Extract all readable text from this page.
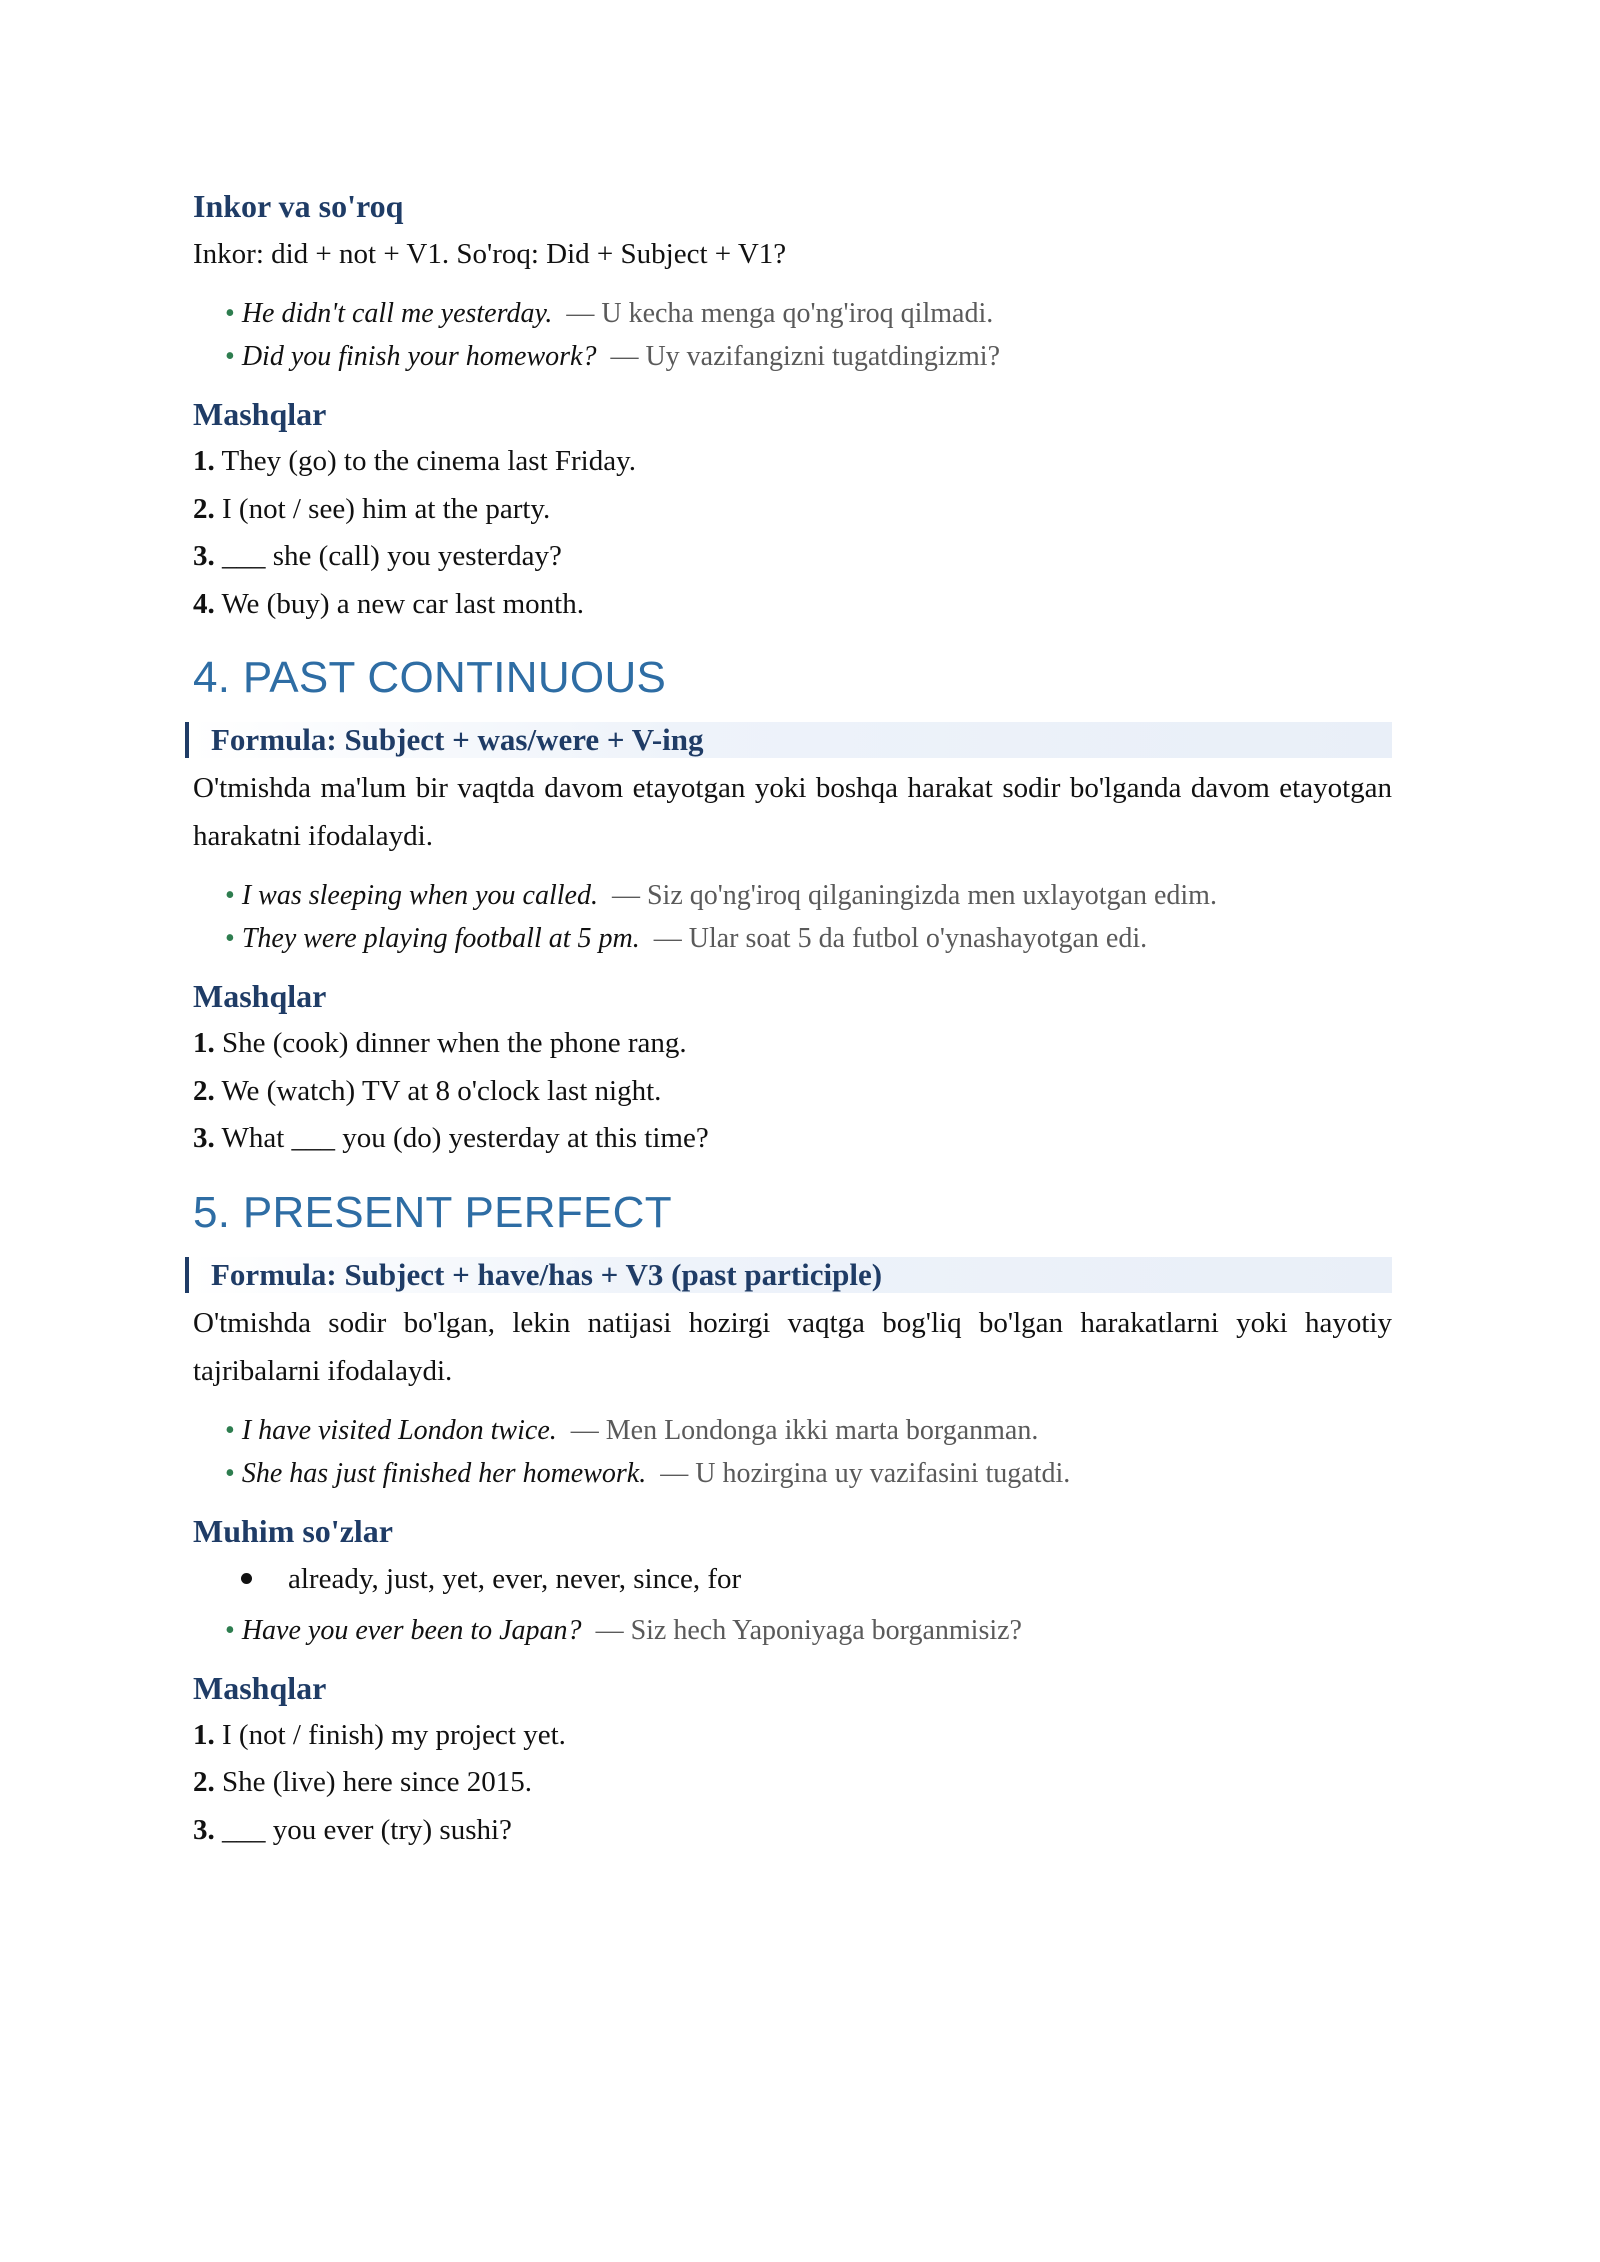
Inkor va so'roq

Inkor: did + not + V1. So'roq: Did + Subject + V1?

• He didn't call me yesterday. — U kecha menga qo'ng'iroq qilmadi.
• Did you finish your homework? — Uy vazifangizni tugatdingizmi?
Mashqlar
1. They (go) to the cinema last Friday.
2. I (not / see) him at the party.
3. ___ she (call) you yesterday?
4. We (buy) a new car last month.
4. PAST CONTINUOUS
Formula: Subject + was/were + V-ing

O'tmishda ma'lum bir vaqtda davom etayotgan yoki boshqa harakat sodir bo'lganda davom etayotgan harakatni ifodalaydi.

• I was sleeping when you called. — Siz qo'ng'iroq qilganingizda men uxlayotgan edim.
• They were playing football at 5 pm. — Ular soat 5 da futbol o'ynashayotgan edi.
Mashqlar
1. She (cook) dinner when the phone rang.
2. We (watch) TV at 8 o'clock last night.
3. What ___ you (do) yesterday at this time?
5. PRESENT PERFECT
Formula: Subject + have/has + V3 (past participle)

O'tmishda sodir bo'lgan, lekin natijasi hozirgi vaqtga bog'liq bo'lgan harakatlarni yoki hayotiy tajribalarni ifodalaydi.

• I have visited London twice. — Men Londonga ikki marta borganman.
• She has just finished her homework. — U hozirgina uy vazifasini tugatdi.
Muhim so'zlar
already, just, yet, ever, never, since, for
• Have you ever been to Japan? — Siz hech Yaponiyaga borganmisiz?
Mashqlar
1. I (not / finish) my project yet.
2. She (live) here since 2015.
3. ___ you ever (try) sushi?
